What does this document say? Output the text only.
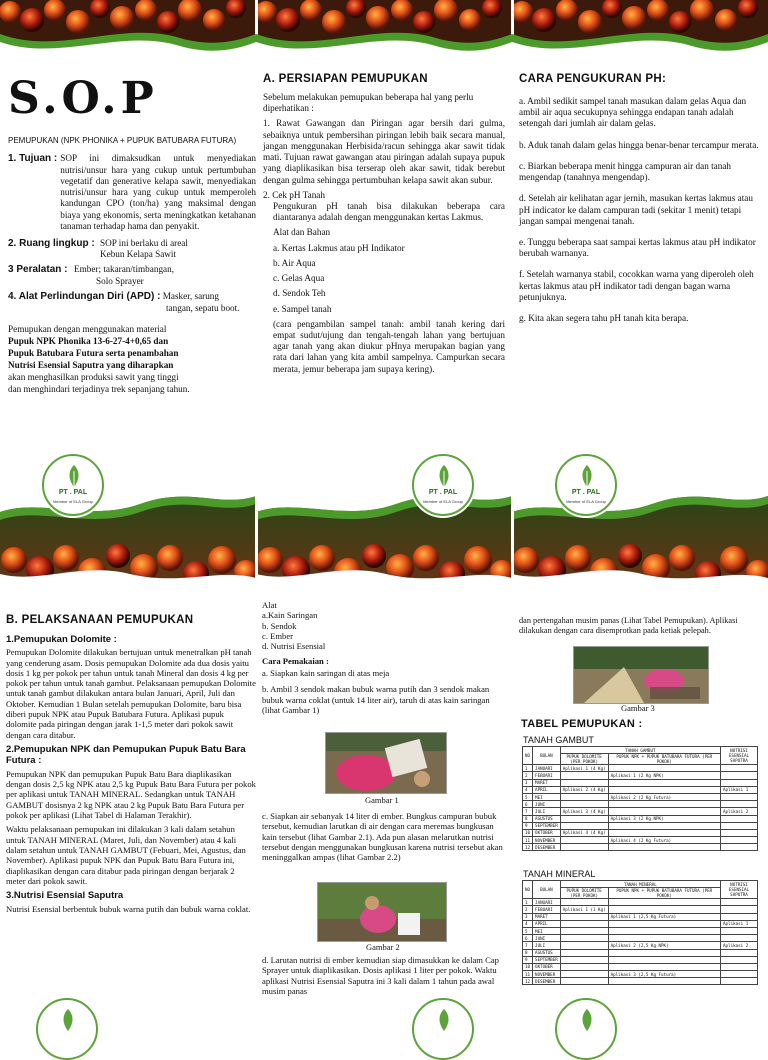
S.O.P
PEMUPUKAN (NPK PHONIKA + PUPUK BATUBARA FUTURA)
1. Tujuan : SOP ini dimaksudkan untuk menyediakan nutrisi/unsur hara yang cukup untuk pertumbuhan vegetatif dan generative kelapa sawit, menyediakan nutrisi/unsur hara yang cukup untuk memperoleh kandungan CPO (ton/ha) yang maksimal dengan biaya yang ekonomis, serta meningkatkan ketahanan tanaman terhadap hama dan penyakit.
2. Ruang lingkup : SOP ini berlaku di areal
Kebun Kelapa Sawit
3 Peralatan : Ember; takaran/timbangan,
Solo Sprayer
4. Alat Perlindungan Diri (APD) : Masker, sarung
tangan, sepatu boot.
Pemupukan dengan menggunakan material
Pupuk NPK Phonika 13-6-27-4+0,65 dan
Pupuk Batubara Futura serta penambahan
Nutrisi Esensial Saputra yang diharapkan
akan menghasilkan produksi sawit yang tinggi
dan menghindari terjadinya trek sepanjang tahun.
A. PERSIAPAN PEMUPUKAN

Sebelum melakukan pemupukan beberapa hal yang perlu diperhatikan :

1. Rawat Gawangan dan Piringan agar bersih dari gulma, sebaiknya untuk pembersihan piringan lebih baik secara manual, jangan menggunakan Herbisida/racun sehingga akar sawit tidak mati. Tujuan rawat gawangan atau piringan adalah supaya pupuk yang diaplikasikan bisa terserap oleh akar sawit, tidak berebut dengan gulma sehingga pertumbuhan kelapa sawit akan subur.

2. Cek pH Tanah

Pengukuran pH tanah bisa dilakukan beberapa cara diantaranya adalah dengan menggunakan kertas Lakmus.

Alat dan Bahan

a. Kertas Lakmus atau pH Indikator

b. Air Aqua

c. Gelas Aqua

d. Sendok Teh

e. Sampel tanah

(cara pengambilan sampel tanah: ambil tanah kering dari empat sudut/ujung dan tengah-tengah lahan yang bertujuan agar tanah yang akan diukur pHnya merupakan bagian yang rata dari lahan yang kita ambil sampelnya. Campurkan secara merata, jemur beberapa jam supaya kering).

CARA PENGUKURAN PH:

a. Ambil sedikit sampel tanah masukan dalam gelas Aqua dan ambil air aqua secukupnya sehingga endapan tanah adalah setengah dari jumlah air dalam gelas.

b. Aduk tanah dalam gelas hingga benar-benar tercampur merata.

c. Biarkan beberapa menit hingga campuran air dan tanah mengendap (tanahnya mengendap).

d. Setelah air kelihatan agar jernih, masukan kertas lakmus atau pH indicator ke dalam campuran tadi (sekitar 1 menit) tetapi jangan sampai mengenai tanah.

e. Tunggu beberapa saat sampai kertas lakmus atau pH indikator berubah warnanya.

f. Setelah warnanya stabil, cocokkan warna yang diperoleh oleh kertas lakmus atau pH indikator tadi dengan bagan warna petunjuknya.

g. Kita akan segera tahu pH tanah kita berapa.

PT . PAL
Member of ELA Group
PT . PAL
Member of ELA Group
PT . PAL
Member of ELA Group
B. PELAKSANAAN PEMUPUKAN
1.Pemupukan Dolomite :

Pemupukan Dolomite dilakukan bertujuan untuk menetralkan pH tanah yang cenderung asam. Dosis pemupukan Dolomite ada dua dosis yaitu dosis 1 kg per pokok per tahun untuk tanah Mineral dan dosis 4 kg per pokok per tahun untuk tanah gambut. Pelaksanaan pemupukan Dolomite untuk tanah gambut dilakukan antara bulan Januari, April, Juli dan Oktober. Kemudian 1 Bulan setelah pemupukan Dolomite, baru bisa diberi pupuk NPK atau Pupuk Batubara Futura. Aplikasi pupuk dolomite pada piringan dengan jarak 1-1,5 meter dari pokok sawit dengan cara ditabur.

2.Pemupukan NPK dan Pemupukan Pupuk Batu Bara Futura :

Pemupukan NPK dan pemupukan Pupuk Batu Bara diaplikasikan dengan dosis 2,5 kg NPK atau 2,5 kg Pupuk Batu Bara Futura per pokok per aplikasi untuk TANAH MINERAL. Sedangkan untuk TANAH GAMBUT dosisnya 2 kg NPK atau 2 kg Pupuk Batu Bara Futura per pokok per aplikasi (Lihat Tabel di Halaman Terakhir).

Waktu pelaksanaan pemupukan ini dilakukan 3 kali dalam setahun untuk TANAH MINERAL (Maret, Juli, dan November) atau 4 kali dalam setahun untuk TANAH GAMBUT (Febuari, Mei, Agustus, dan November). Aplikasi pupuk NPK dan Pupuk Batu Bara Futura ini, diaplikasikan dengan cara ditabur pada piringan dengan berjarak 2 meter dari pokok sawit.

3.Nutrisi Esensial Saputra

Nutrisi Esensial berbentuk bubuk warna putih dan bubuk warna coklat.

Alat

a.Kain Saringan

b. Sendok

c. Ember

d. Nutrisi Esensial

Cara Pemakaian :

a. Siapkan kain saringan di atas meja

b. Ambil 3 sendok makan bubuk warna putih dan 3 sendok makan bubuk warna coklat (untuk 14 liter air), taruh di atas kain saringan (lihat Gambar 1)

Gambar 1

c. Siapkan air sebanyak 14 liter di ember. Bungkus campuran bubuk tersebut, kemudian larutkan di air dengan cara meremas bungkusan kain tersebut (lihat Gambar 2.1). Ada pun alasan melarutkan nutrisi tersebut dengan menggunakan bungkusan karena nutrisi tersebut akan meninggalkan ampas (lihat Gambar 2.2)

Gambar 2

d. Larutan nutrisi di ember kemudian siap dimasukkan ke dalam Cap Sprayer untuk diaplikasikan. Dosis aplikasi 1 liter per pokok. Waktu aplikasi Nutrisi Esensial Saputra ini 3 kali dalam 1 tahun pada awal musim panas

dan pertengahan musim panas (Lihat Tabel Pemupukan). Aplikasi dilakukan dengan cara disemprotkan pada ketiak pelepah.

Gambar 3
TABEL PEMUPUKAN :
TANAH GAMBUT
NO	BULAN	TANAH GAMBUT		NUTRISI ESENSIAL SAPUTRA
		PUPUK DOLOMITE (PER POKOK)	PUPUK NPK + PUPUK BATUBARA FUTURA (PER POKOK)	
1	JANUARI	Aplikasi 1 (4 Kg)		
2	FEBUARI		Aplikasi 1 (2 Kg NPK)	
3	MARET			
4	APRIL	Aplikasi 2 (4 Kg)		Aplikasi 1
5	MEI		Aplikasi 2 (2 Kg Futura)	
6	JUNI			
7	JULI	Aplikasi 3 (4 Kg)		Aplikasi 2
8	AGUSTUS		Aplikasi 3 (2 Kg NPK)	
9	SEPTEMBER			
10	OKTOBER	Aplikasi 4 (4 Kg)		
11	NOVEMBER		Aplikasi 4 (2 Kg Futura)	
12	DESEMBER			
TANAH MINERAL
NO	BULAN	TANAH MINERAL		NUTRISI ESENSIAL SAPUTRA
		PUPUK DOLOMITE (PER POKOK)	PUPUK NPK + PUPUK BATUBARA FUTURA (PER POKOK)	
1	JANUARI			
2	FEBUARI	Aplikasi 1 (1 Kg)		
3	MARET		Aplikasi 1 (2,5 Kg Futura)	
4	APRIL			Aplikasi 1
5	MEI			
6	JUNI			
7	JULI		Aplikasi 2 (2,5 Kg NPK)	Aplikasi 2
8	AGUSTUS			
9	SEPTEMBER			
10	OKTOBER			
11	NOVEMBER		Aplikasi 3 (2,5 Kg Futura)	
12	DESEMBER			
